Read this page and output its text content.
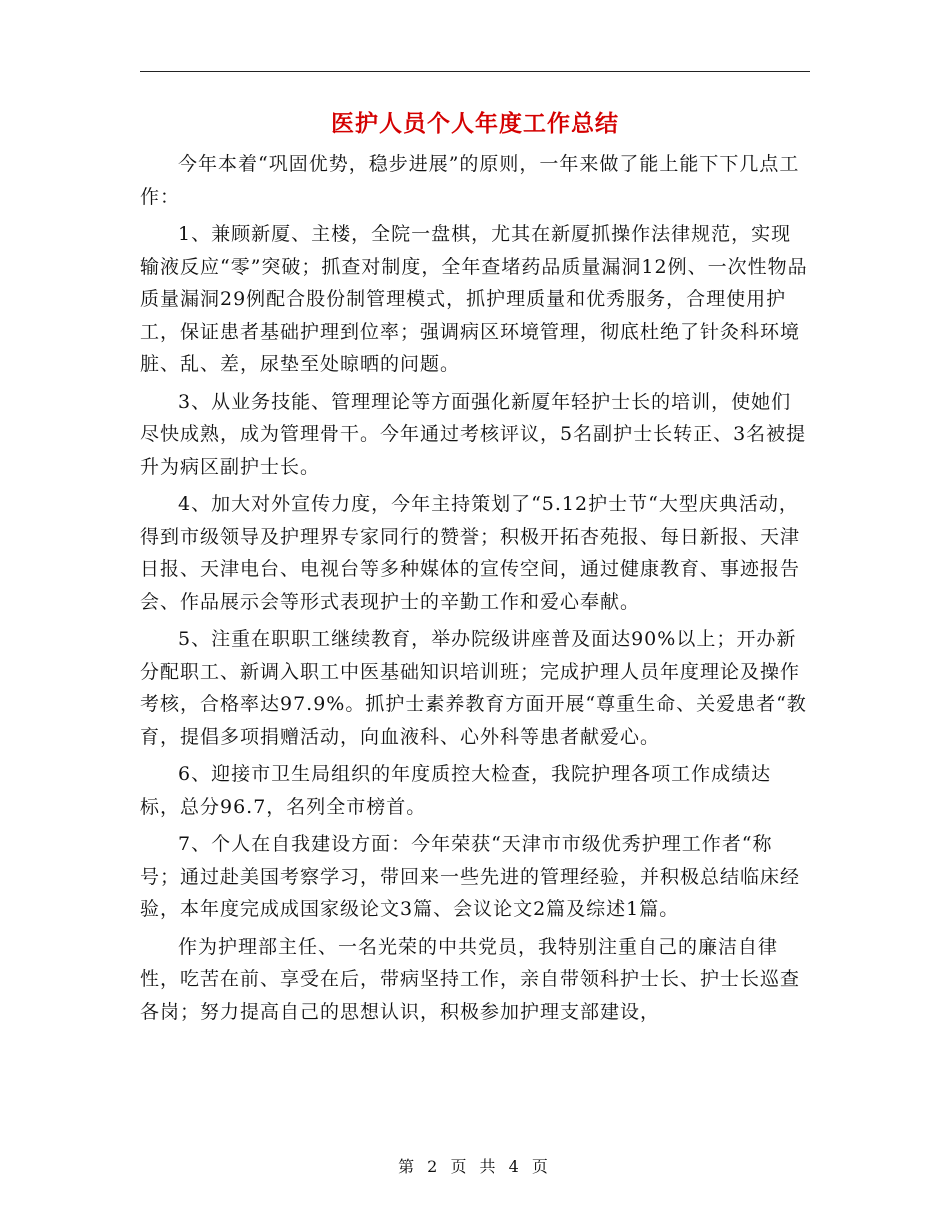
医护人员个人年度工作总结

今年本着“巩固优势，稳步进展”的原则，一年来做了能上能下下几点工作：

1、兼顾新厦、主楼，全院一盘棋，尤其在新厦抓操作法律规范，实现输液反应“零”突破；抓查对制度，全年查堵药品质量漏洞12例、一次性物品质量漏洞29例配合股份制管理模式，抓护理质量和优秀服务，合理使用护工，保证患者基础护理到位率；强调病区环境管理，彻底杜绝了针灸科环境脏、乱、差，尿垫至处晾晒的问题。

3、从业务技能、管理理论等方面强化新厦年轻护士长的培训，使她们尽快成熟，成为管理骨干。今年通过考核评议，5名副护士长转正、3名被提升为病区副护士长。

4、加大对外宣传力度，今年主持策划了“5.12护士节“大型庆典活动，得到市级领导及护理界专家同行的赞誉；积极开拓杏苑报、每日新报、天津日报、天津电台、电视台等多种媒体的宣传空间，通过健康教育、事迹报告会、作品展示会等形式表现护士的辛勤工作和爱心奉献。

5、注重在职职工继续教育，举办院级讲座普及面达90%以上；开办新分配职工、新调入职工中医基础知识培训班；完成护理人员年度理论及操作考核，合格率达97.9%。抓护士素养教育方面开展“尊重生命、关爱患者“教育，提倡多项捐赠活动，向血液科、心外科等患者献爱心。

6、迎接市卫生局组织的年度质控大检查，我院护理各项工作成绩达标，总分96.7，名列全市榜首。

7、个人在自我建设方面：今年荣获“天津市市级优秀护理工作者“称号；通过赴美国考察学习，带回来一些先进的管理经验，并积极总结临床经验，本年度完成成国家级论文3篇、会议论文2篇及综述1篇。

作为护理部主任、一名光荣的中共党员，我特别注重自己的廉洁自律性，吃苦在前、享受在后，带病坚持工作，亲自带领科护士长、护士长巡查各岗；努力提高自己的思想认识，积极参加护理支部建设，

第 2 页 共 4 页
